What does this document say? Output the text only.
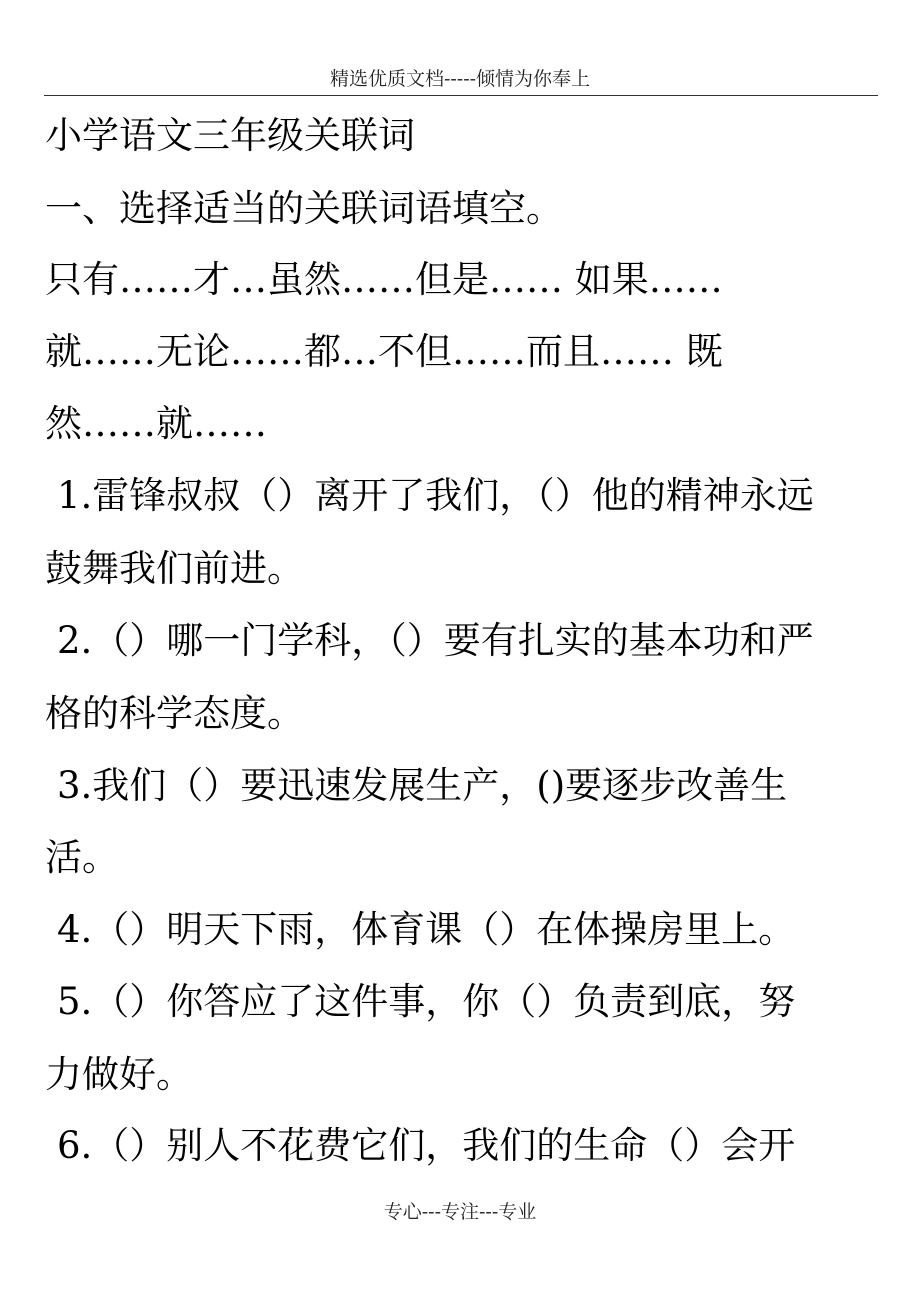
精选优质文档-----倾情为你奉上
小学语文三年级关联词
一、选择适当的关联词语填空。
只有……才…虽然……但是…… 如果……
就……无论……都…不但……而且…… 既
然……就……
1.雷锋叔叔（）离开了我们，（）他的精神永远
鼓舞我们前进。
2.（）哪一门学科，（）要有扎实的基本功和严
格的科学态度。
3.我们（）要迅速发展生产，()要逐步改善生
活。
4.（）明天下雨，体育课（）在体操房里上。
5.（）你答应了这件事，你（）负责到底，努
力做好。
6.（）别人不花费它们，我们的生命（）会开
专心---专注---专业
